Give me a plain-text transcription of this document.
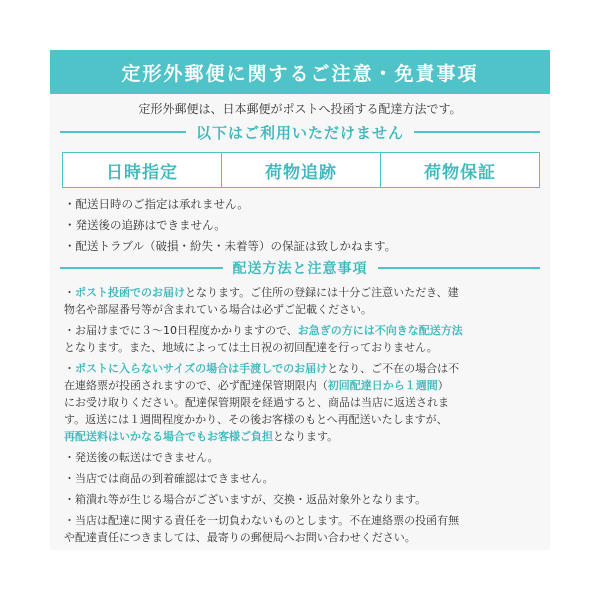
定形外郵便に関するご注意・免責事項
定形外郵便は、日本郵便がポストへ投函する配達方法です。
以下はご利用いただけません
日時指定	荷物追跡	荷物保証
・配送日時のご指定は承れません。
・発送後の追跡はできません。
・配送トラブル（破損・紛失・未着等）の保証は致しかねます。
配送方法と注意事項
・ポスト投函でのお届けとなります。ご住所の登録には十分ご注意いただき、建
物名や部屋番号等が含まれている場合は必ずご記載ください。
・お届けまでに３〜10日程度かかりますので、お急ぎの方には不向きな配送方法
となります。また、地域によっては土日祝の初回配達を行っておりません。
・ポストに入らないサイズの場合は手渡しでのお届けとなり、ご不在の場合は不
在連絡票が投函されますので、必ず配達保管期限内（初回配達日から１週間）
にお受け取りください。配達保管期限を経過すると、商品は当店に返送されま
す。返送には１週間程度かかり、その後お客様のもとへ再配送いたしますが、
再配送料はいかなる場合でもお客様ご負担となります。
・発送後の転送はできません。
・当店では商品の到着確認はできません。
・箱潰れ等が生じる場合がございますが、交換・返品対象外となります。
・当店は配達に関する責任を一切負わないものとします。不在連絡票の投函有無
や配達責任につきましては、最寄りの郵便局へお問い合わせください。
